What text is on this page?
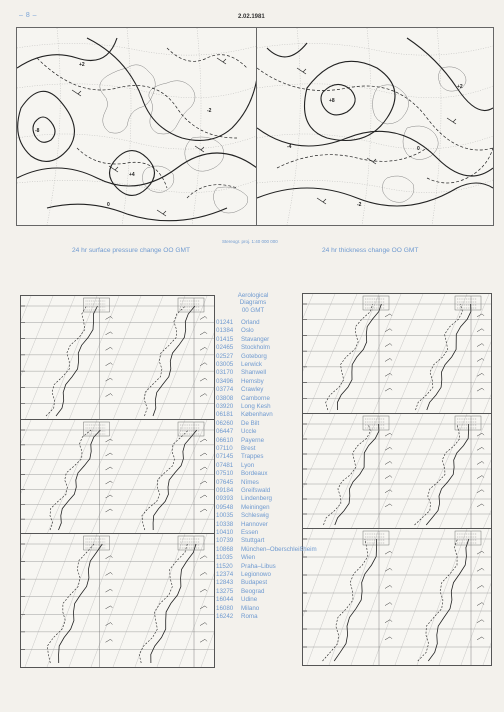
– 8 –	2.02.1981
-8
+4
+2
-2
0
+8
-4	0
+2
-2
24 hr surface pressure change OO GMT
Stereogr. proj. 1:40 000 000
24 hr thickness change OO GMT
Aerological
Diagrams
00 GMT
01241	Orland
01384	Oslo
01415	Stavanger
02465	Stockholm
02527	Goteborg
03005	Lerwick
03170	Shanwell
03496	Hemsby
03774	Crawley
03808	Camborne
03920	Long Kesh
06181	København
06260	De Bilt
06447	Uccle
06610	Payerne
07110	Brest
07145	Trappes
07481	Lyon
07510	Bordeaux
07645	Nîmes
09184	Greifswald
09393	Lindenberg
09548	Meiningen
10035	Schleswig
10338	Hannover
10410	Essen
10739	Stuttgart
10868	München–Oberschleißheim
11035	Wien
11520	Praha–Libus
12374	Legionowo
12843	Budapest
13275	Beograd
16044	Udine
16080	Milano
16242	Roma
